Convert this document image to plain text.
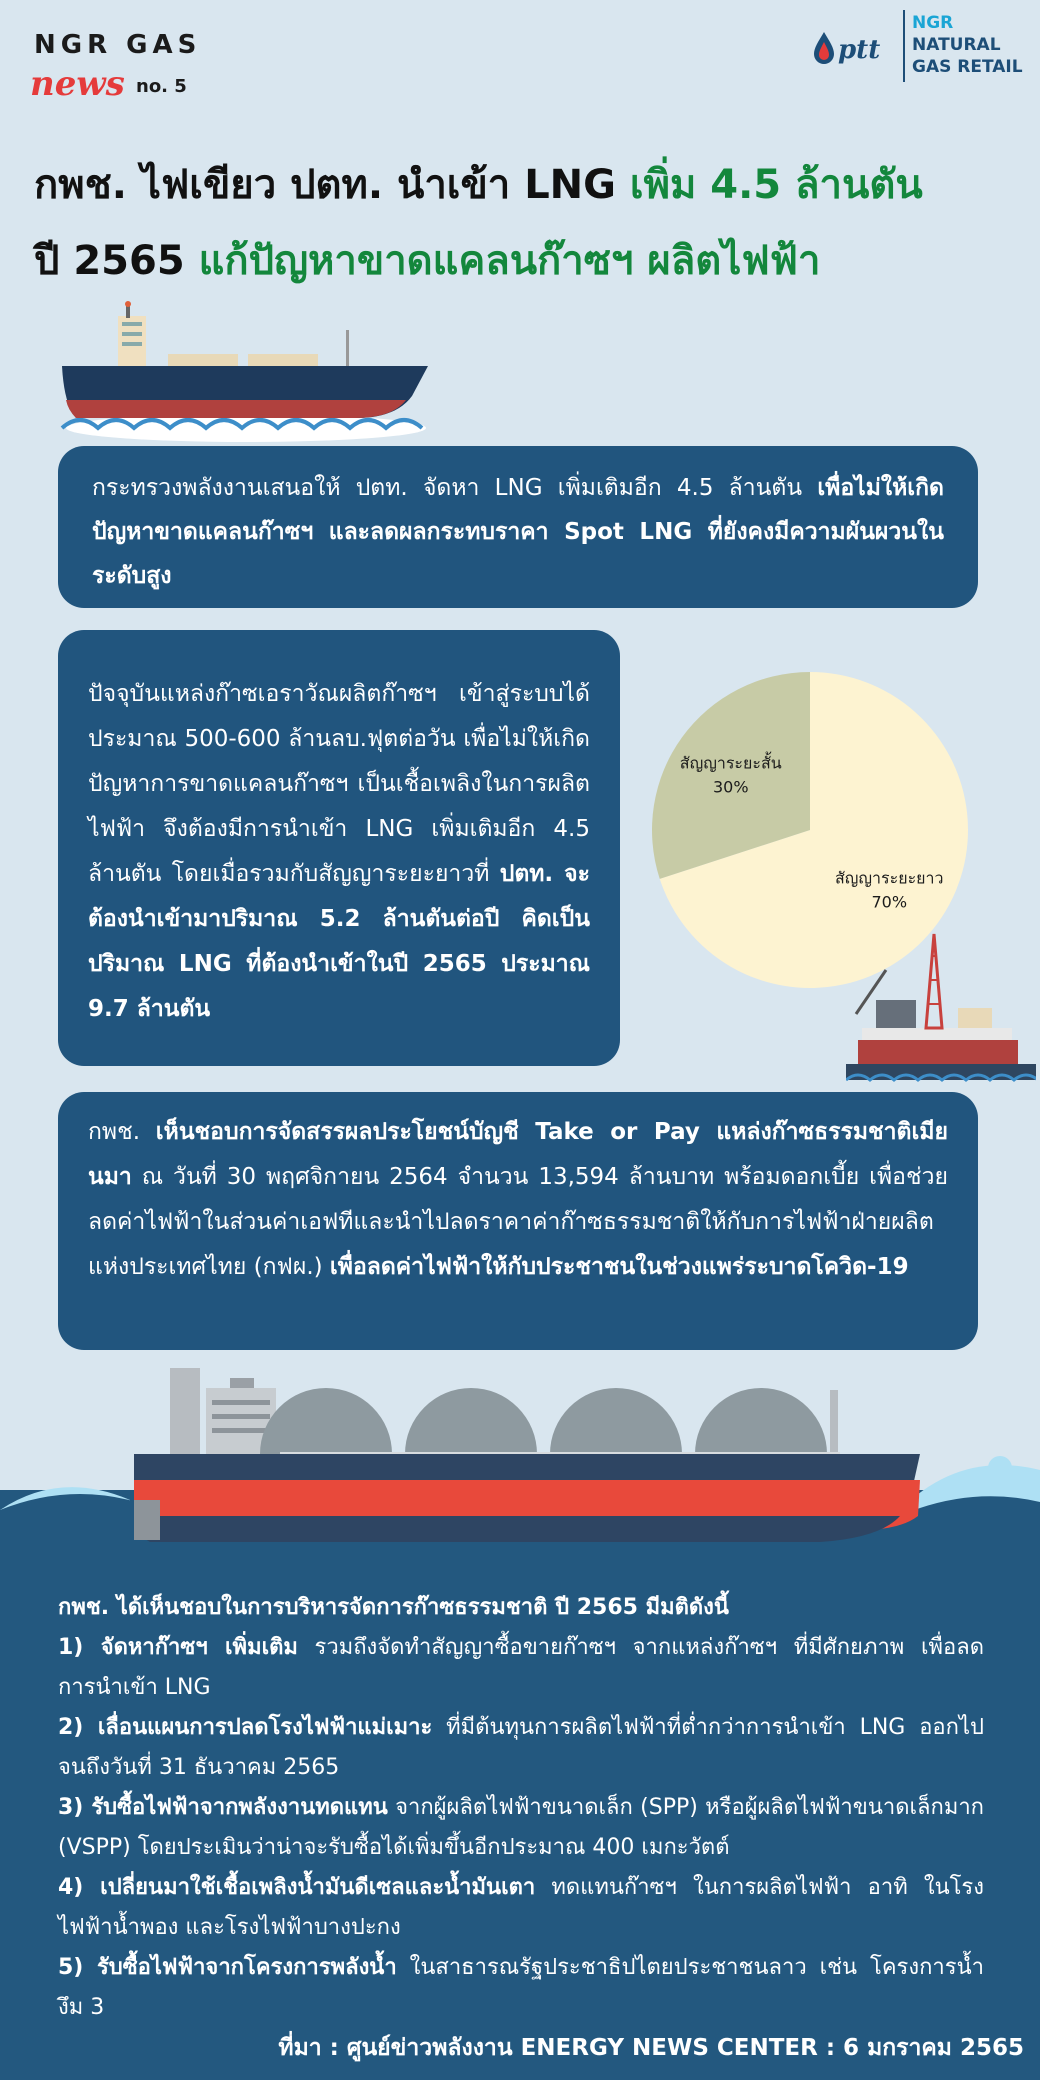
NGR GAS
news no. 5
ptt
NGR
NATURAL
GAS RETAIL
กพช. ไฟเขียว ปตท. นำเข้า LNG เพิ่ม 4.5 ล้านตัน
ปี 2565 แก้ปัญหาขาดแคลนก๊าซฯ ผลิตไฟฟ้า
กระทรวงพลังงานเสนอให้ ปตท. จัดหา LNG เพิ่มเติมอีก 4.5 ล้านตัน เพื่อไม่ให้เกิดปัญหาขาดแคลนก๊าซฯ และลดผลกระทบราคา Spot LNG ที่ยังคงมีความผันผวนในระดับสูง
ปัจจุบันแหล่งก๊าซเอราวัณผลิตก๊าซฯ เข้าสู่ระบบได้ประมาณ 500-600 ล้านลบ.ฟุตต่อวัน เพื่อไม่ให้เกิดปัญหาการขาดแคลนก๊าซฯ เป็นเชื้อเพลิงในการผลิตไฟฟ้า จึงต้องมีการนำเข้า LNG เพิ่มเติมอีก 4.5 ล้านตัน โดยเมื่อรวมกับสัญญาระยะยาวที่ ปตท. จะต้องนำเข้ามาปริมาณ 5.2 ล้านตันต่อปี คิดเป็นปริมาณ LNG ที่ต้องนำเข้าในปี 2565 ประมาณ 9.7 ล้านตัน
สัญญาระยะยาว
70%
สัญญาระยะสั้น
30%
กพช. เห็นชอบการจัดสรรผลประโยชน์บัญชี Take or Pay แหล่งก๊าซธรรมชาติเมียนมา ณ วันที่ 30 พฤศจิกายน 2564 จำนวน 13,594 ล้านบาท พร้อมดอกเบี้ย เพื่อช่วยลดค่าไฟฟ้าในส่วนค่าเอฟทีและนำไปลดราคาค่าก๊าซธรรมชาติให้กับการไฟฟ้าฝ่ายผลิตแห่งประเทศไทย (กฟผ.) เพื่อลดค่าไฟฟ้าให้กับประชาชนในช่วงแพร่ระบาดโควิด-19

กพช. ได้เห็นชอบในการบริหารจัดการก๊าซธรรมชาติ ปี 2565 มีมติดังนี้

1) จัดหาก๊าซฯ เพิ่มเติม รวมถึงจัดทำสัญญาซื้อขายก๊าซฯ จากแหล่งก๊าซฯ ที่มีศักยภาพ เพื่อลดการนำเข้า LNG

2) เลื่อนแผนการปลดโรงไฟฟ้าแม่เมาะ ที่มีต้นทุนการผลิตไฟฟ้าที่ต่ำกว่าการนำเข้า LNG ออกไปจนถึงวันที่ 31 ธันวาคม 2565

3) รับซื้อไฟฟ้าจากพลังงานทดแทน จากผู้ผลิตไฟฟ้าขนาดเล็ก (SPP) หรือผู้ผลิตไฟฟ้าขนาดเล็กมาก (VSPP) โดยประเมินว่าน่าจะรับซื้อได้เพิ่มขึ้นอีกประมาณ 400 เมกะวัตต์

4) เปลี่ยนมาใช้เชื้อเพลิงน้ำมันดีเซลและน้ำมันเตา ทดแทนก๊าซฯ ในการผลิตไฟฟ้า อาทิ ในโรงไฟฟ้าน้ำพอง และโรงไฟฟ้าบางปะกง

5) รับซื้อไฟฟ้าจากโครงการพลังน้ำ ในสาธารณรัฐประชาธิปไตยประชาชนลาว เช่น โครงการน้ำงึม 3

ที่มา : ศูนย์ข่าวพลังงาน ENERGY NEWS CENTER : 6 มกราคม 2565
